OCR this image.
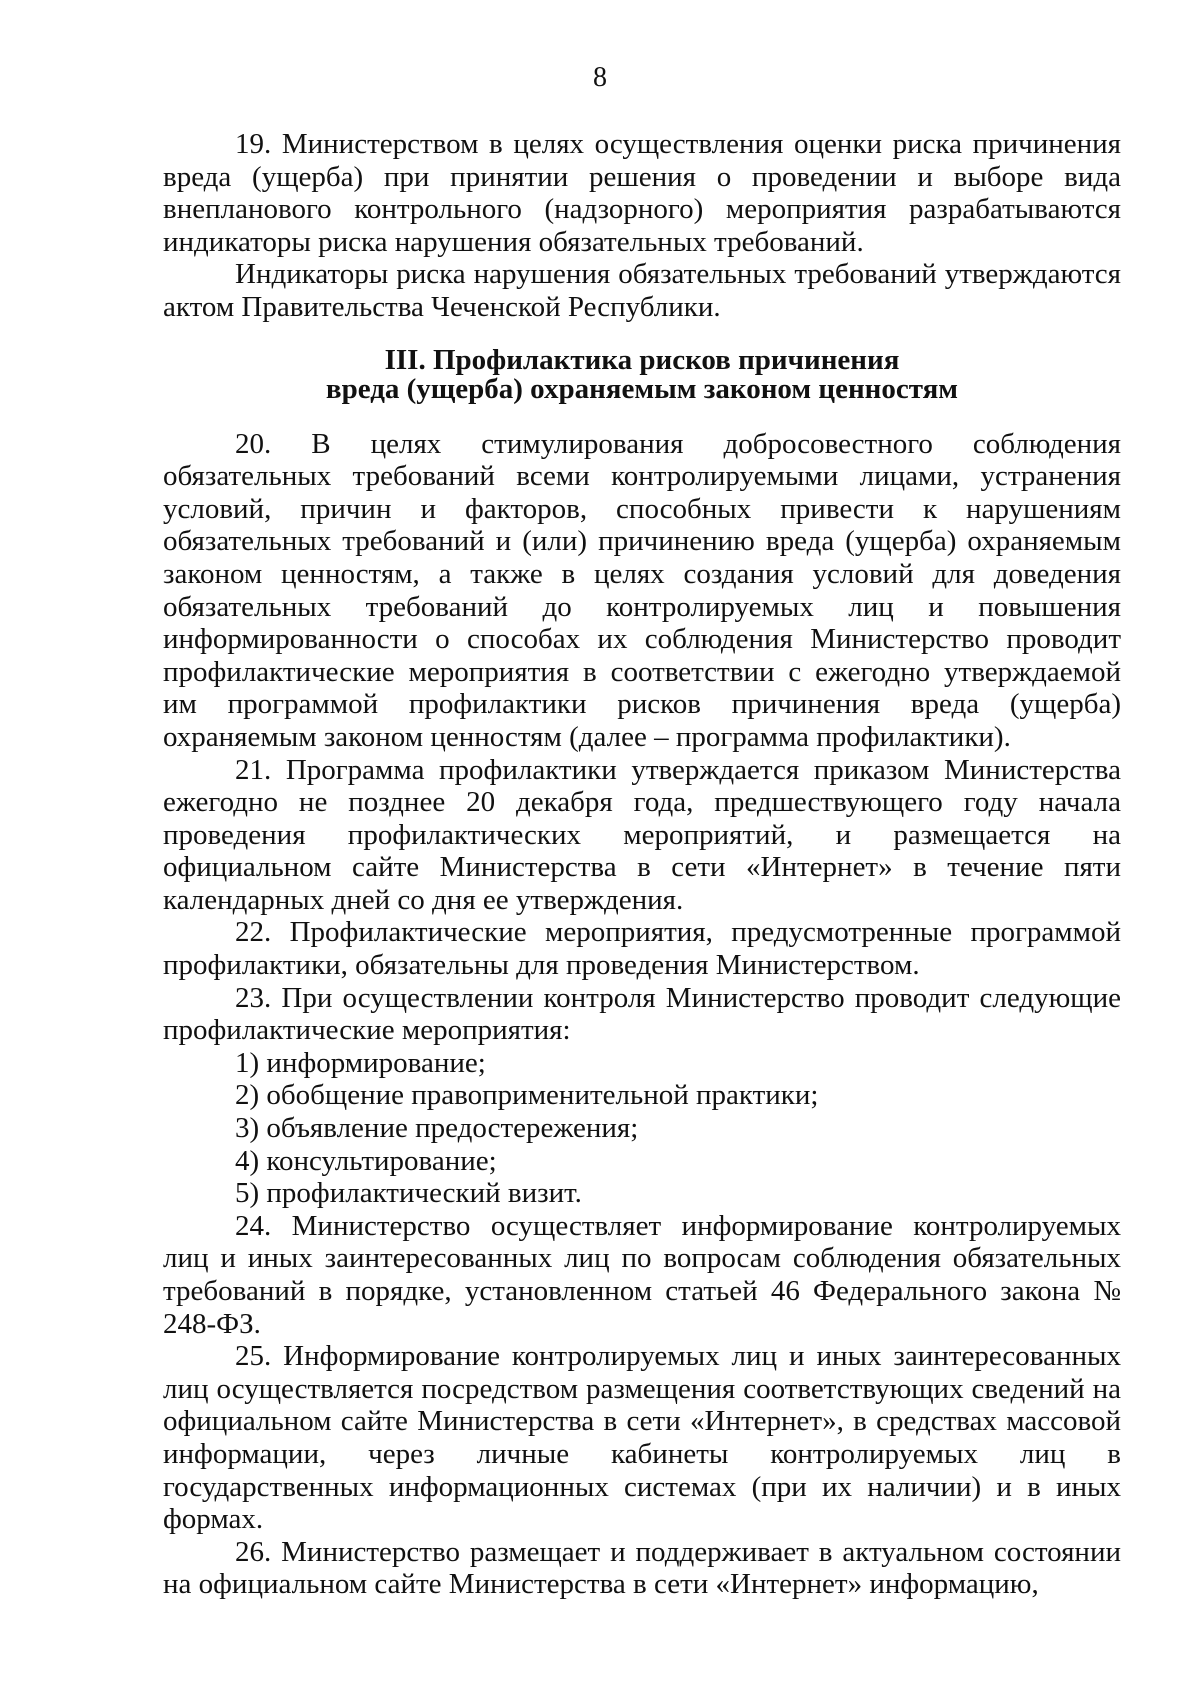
8

19. Министерством в целях осуществления оценки риска причинения вреда (ущерба) при принятии решения о проведении и выборе вида внепланового контрольного (надзорного) мероприятия разрабатываются индикаторы риска нарушения обязательных требований.

Индикаторы риска нарушения обязательных требований утверждаются актом Правительства Чеченской Республики.

III. Профилактика рисков причинения
вреда (ущерба) охраняемым законом ценностям

20. В целях стимулирования добросовестного соблюдения обязательных требований всеми контролируемыми лицами, устранения условий, причин и факторов, способных привести к нарушениям обязательных требований и (или) причинению вреда (ущерба) охраняемым законом ценностям, а также в целях создания условий для доведения обязательных требований до контролируемых лиц и повышения информированности о способах их соблюдения Министерство проводит профилактические мероприятия в соответствии с ежегодно утверждаемой им программой профилактики рисков причинения вреда (ущерба) охраняемым законом ценностям (далее – программа профилактики).

21. Программа профилактики утверждается приказом Министерства ежегодно не позднее 20 декабря года, предшествующего году начала проведения профилактических мероприятий, и размещается на официальном сайте Министерства в сети «Интернет» в течение пяти календарных дней со дня ее утверждения.

22. Профилактические мероприятия, предусмотренные программой профилактики, обязательны для проведения Министерством.

23. При осуществлении контроля Министерство проводит следующие профилактические мероприятия:

1) информирование;

2) обобщение правоприменительной практики;

3) объявление предостережения;

4) консультирование;

5) профилактический визит.

24. Министерство осуществляет информирование контролируемых лиц и иных заинтересованных лиц по вопросам соблюдения обязательных требований в порядке, установленном статьей 46 Федерального закона № 248-ФЗ.

25. Информирование контролируемых лиц и иных заинтересованных лиц осуществляется посредством размещения соответствующих сведений на официальном сайте Министерства в сети «Интернет», в средствах массовой информации, через личные кабинеты контролируемых лиц в государственных информационных системах (при их наличии) и в иных формах.

26. Министерство размещает и поддерживает в актуальном состоянии на официальном сайте Министерства в сети «Интернет» информацию,
